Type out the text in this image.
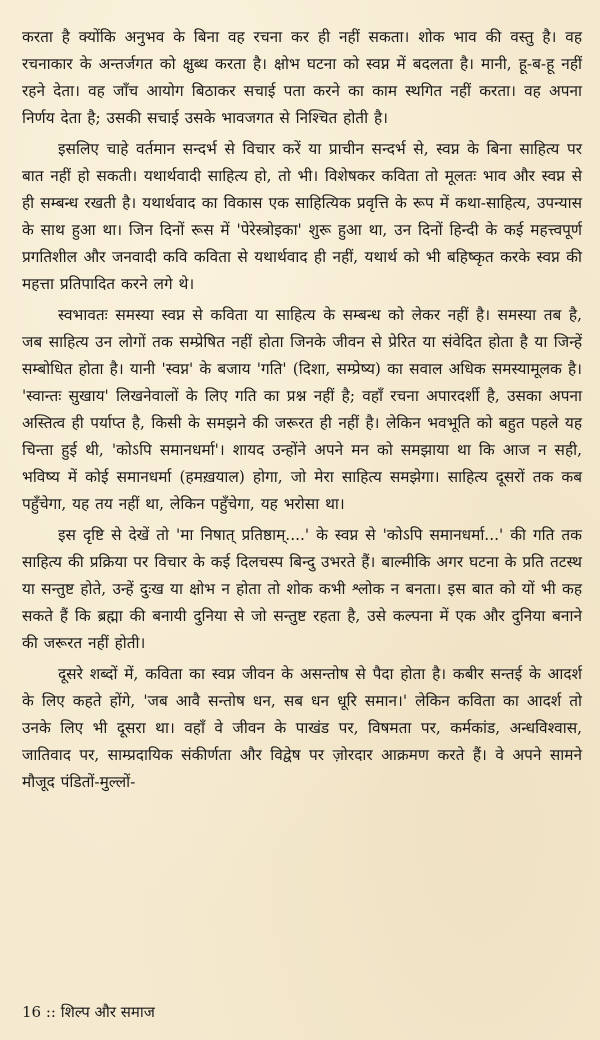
करता है क्योंकि अनुभव के बिना वह रचना कर ही नहीं सकता। शोक भाव की वस्तु है। वह रचनाकार के अन्तर्जगत को क्षुब्ध करता है। क्षोभ घटना को स्वप्न में बदलता है। मानी, हू-ब-हू नहीं रहने देता। वह जाँच आयोग बिठाकर सचाई पता करने का काम स्थगित नहीं करता। वह अपना निर्णय देता है; उसकी सचाई उसके भावजगत से निश्चित होती है।

इसलिए चाहे वर्तमान सन्दर्भ से विचार करें या प्राचीन सन्दर्भ से, स्वप्न के बिना साहित्य पर बात नहीं हो सकती। यथार्थवादी साहित्य हो, तो भी। विशेषकर कविता तो मूलतः भाव और स्वप्न से ही सम्बन्ध रखती है। यथार्थवाद का विकास एक साहित्यिक प्रवृत्ति के रूप में कथा-साहित्य, उपन्यास के साथ हुआ था। जिन दिनों रूस में 'पेरेस्त्रोइका' शुरू हुआ था, उन दिनों हिन्दी के कई महत्त्वपूर्ण प्रगतिशील और जनवादी कवि कविता से यथार्थवाद ही नहीं, यथार्थ को भी बहिष्कृत करके स्वप्न की महत्ता प्रतिपादित करने लगे थे।

स्वभावतः समस्या स्वप्न से कविता या साहित्य के सम्बन्ध को लेकर नहीं है। समस्या तब है, जब साहित्य उन लोगों तक सम्प्रेषित नहीं होता जिनके जीवन से प्रेरित या संवेदित होता है या जिन्हें सम्बोधित होता है। यानी 'स्वप्न' के बजाय 'गति' (दिशा, सम्प्रेष्य) का सवाल अधिक समस्यामूलक है। 'स्वान्तः सुखाय' लिखनेवालों के लिए गति का प्रश्न नहीं है; वहाँ रचना अपारदर्शी है, उसका अपना अस्तित्व ही पर्याप्त है, किसी के समझने की जरूरत ही नहीं है। लेकिन भवभूति को बहुत पहले यह चिन्ता हुई थी, 'कोऽपि समानधर्मा'। शायद उन्होंने अपने मन को समझाया था कि आज न सही, भविष्य में कोई समानधर्मा (हमख़याल) होगा, जो मेरा साहित्य समझेगा। साहित्य दूसरों तक कब पहुँचेगा, यह तय नहीं था, लेकिन पहुँचेगा, यह भरोसा था।

इस दृष्टि से देखें तो 'मा निषात् प्रतिष्ठाम्....' के स्वप्न से 'कोऽपि समानधर्मा...' की गति तक साहित्य की प्रक्रिया पर विचार के कई दिलचस्प बिन्दु उभरते हैं। बाल्मीकि अगर घटना के प्रति तटस्थ या सन्तुष्ट होते, उन्हें दुःख या क्षोभ न होता तो शोक कभी श्लोक न बनता। इस बात को यों भी कह सकते हैं कि ब्रह्मा की बनायी दुनिया से जो सन्तुष्ट रहता है, उसे कल्पना में एक और दुनिया बनाने की जरूरत नहीं होती।

दूसरे शब्दों में, कविता का स्वप्न जीवन के असन्तोष से पैदा होता है। कबीर सन्तई के आदर्श के लिए कहते होंगे, 'जब आवै सन्तोष धन, सब धन धूरि समान।' लेकिन कविता का आदर्श तो उनके लिए भी दूसरा था। वहाँ वे जीवन के पाखंड पर, विषमता पर, कर्मकांड, अन्धविश्वास, जातिवाद पर, साम्प्रदायिक संकीर्णता और विद्वेष पर ज़ोरदार आक्रमण करते हैं। वे अपने सामने मौजूद पंडितों-मुल्लों-

16 :: शिल्प और समाज
